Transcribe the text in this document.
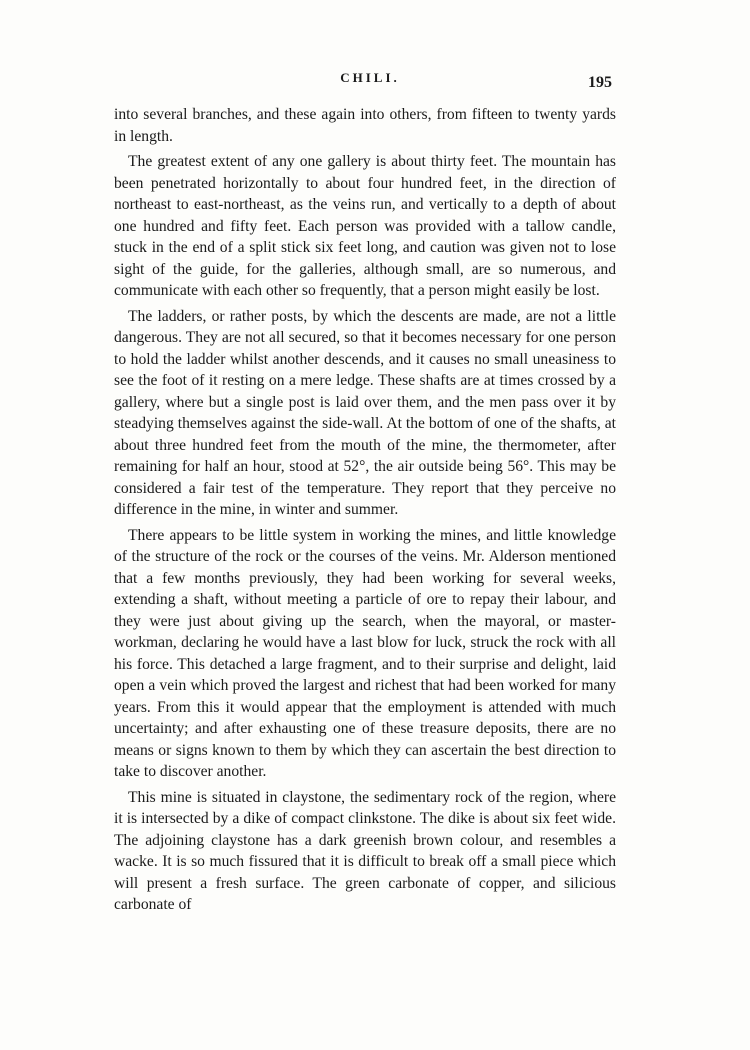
CHILI.	195

into several branches, and these again into others, from fifteen to twenty yards in length.

The greatest extent of any one gallery is about thirty feet. The mountain has been penetrated horizontally to about four hundred feet, in the direction of northeast to east-northeast, as the veins run, and vertically to a depth of about one hundred and fifty feet. Each person was provided with a tallow candle, stuck in the end of a split stick six feet long, and caution was given not to lose sight of the guide, for the galleries, although small, are so numerous, and communicate with each other so frequently, that a person might easily be lost.

The ladders, or rather posts, by which the descents are made, are not a little dangerous. They are not all secured, so that it becomes necessary for one person to hold the ladder whilst another descends, and it causes no small uneasiness to see the foot of it resting on a mere ledge. These shafts are at times crossed by a gallery, where but a single post is laid over them, and the men pass over it by steadying themselves against the side-wall. At the bottom of one of the shafts, at about three hundred feet from the mouth of the mine, the thermometer, after remaining for half an hour, stood at 52°, the air outside being 56°. This may be considered a fair test of the temperature. They report that they perceive no difference in the mine, in winter and summer.

There appears to be little system in working the mines, and little knowledge of the structure of the rock or the courses of the veins. Mr. Alderson mentioned that a few months previously, they had been working for several weeks, extending a shaft, without meeting a particle of ore to repay their labour, and they were just about giving up the search, when the mayoral, or master-workman, declaring he would have a last blow for luck, struck the rock with all his force. This detached a large fragment, and to their surprise and delight, laid open a vein which proved the largest and richest that had been worked for many years. From this it would appear that the employment is attended with much uncertainty; and after exhausting one of these treasure deposits, there are no means or signs known to them by which they can ascertain the best direction to take to discover another.

This mine is situated in claystone, the sedimentary rock of the region, where it is intersected by a dike of compact clinkstone. The dike is about six feet wide. The adjoining claystone has a dark greenish brown colour, and resembles a wacke. It is so much fissured that it is difficult to break off a small piece which will present a fresh surface. The green carbonate of copper, and silicious carbonate of
